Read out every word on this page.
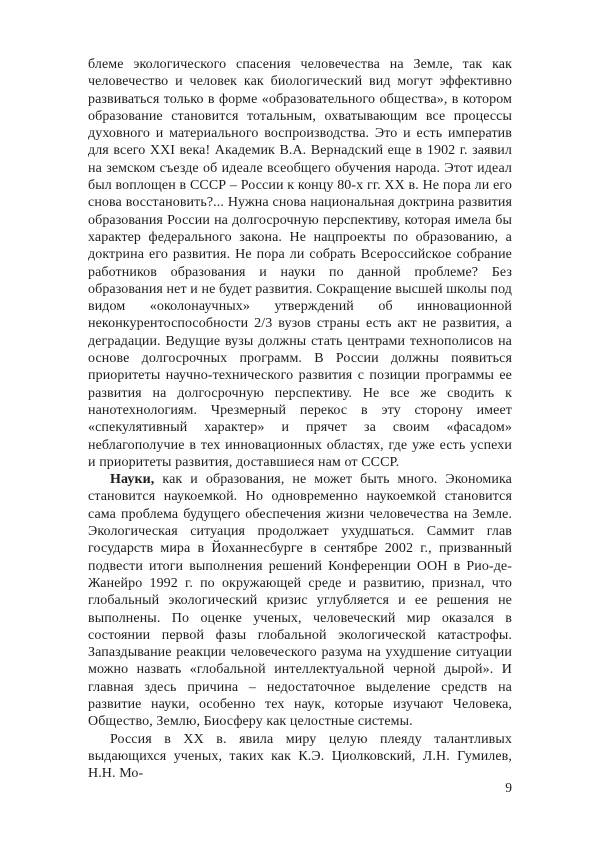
блеме экологического спасения человечества на Земле, так как человечество и человек как биологический вид могут эффективно развиваться только в форме «образовательного общества», в котором образование становится тотальным, охватывающим все процессы духовного и материального воспроизводства. Это и есть императив для всего XXI века! Академик В.А. Вернадский еще в 1902 г. заявил на земском съезде об идеале всеобщего обучения народа. Этот идеал был воплощен в СССР – России к концу 80-х гг. XX в. Не пора ли его снова восстановить?... Нужна снова национальная доктрина развития образования России на долгосрочную перспективу, которая имела бы характер федерального закона. Не нацпроекты по образованию, а доктрина его развития. Не пора ли собрать Всероссийское собрание работников образования и науки по данной проблеме? Без образования нет и не будет развития. Сокращение высшей школы под видом «околонаучных» утверждений об инновационной неконкурентоспособности 2/3 вузов страны есть акт не развития, а деградации. Ведущие вузы должны стать центрами технополисов на основе долгосрочных программ. В России должны появиться приоритеты научно-технического развития с позиции программы ее развития на долгосрочную перспективу. Не все же сводить к нанотехнологиям. Чрезмерный перекос в эту сторону имеет «спекулятивный характер» и прячет за своим «фасадом» неблагополучие в тех инновационных областях, где уже есть успехи и приоритеты развития, доставшиеся нам от СССР.

Науки, как и образования, не может быть много. Экономика становится наукоемкой. Но одновременно наукоемкой становится сама проблема будущего обеспечения жизни человечества на Земле. Экологическая ситуация продолжает ухудшаться. Саммит глав государств мира в Йоханнесбурге в сентябре 2002 г., призванный подвести итоги выполнения решений Конференции ООН в Рио-де-Жанейро 1992 г. по окружающей среде и развитию, признал, что глобальный экологический кризис углубляется и ее решения не выполнены. По оценке ученых, человеческий мир оказался в состоянии первой фазы глобальной экологической катастрофы. Запаздывание реакции человеческого разума на ухудшение ситуации можно назвать «глобальной интеллектуальной черной дырой». И главная здесь причина – недостаточное выделение средств на развитие науки, особенно тех наук, которые изучают Человека, Общество, Землю, Биосферу как целостные системы.

Россия в XX в. явила миру целую плеяду талантливых выдающихся ученых, таких как К.Э. Циолковский, Л.Н. Гумилев, Н.Н. Мо-

9
